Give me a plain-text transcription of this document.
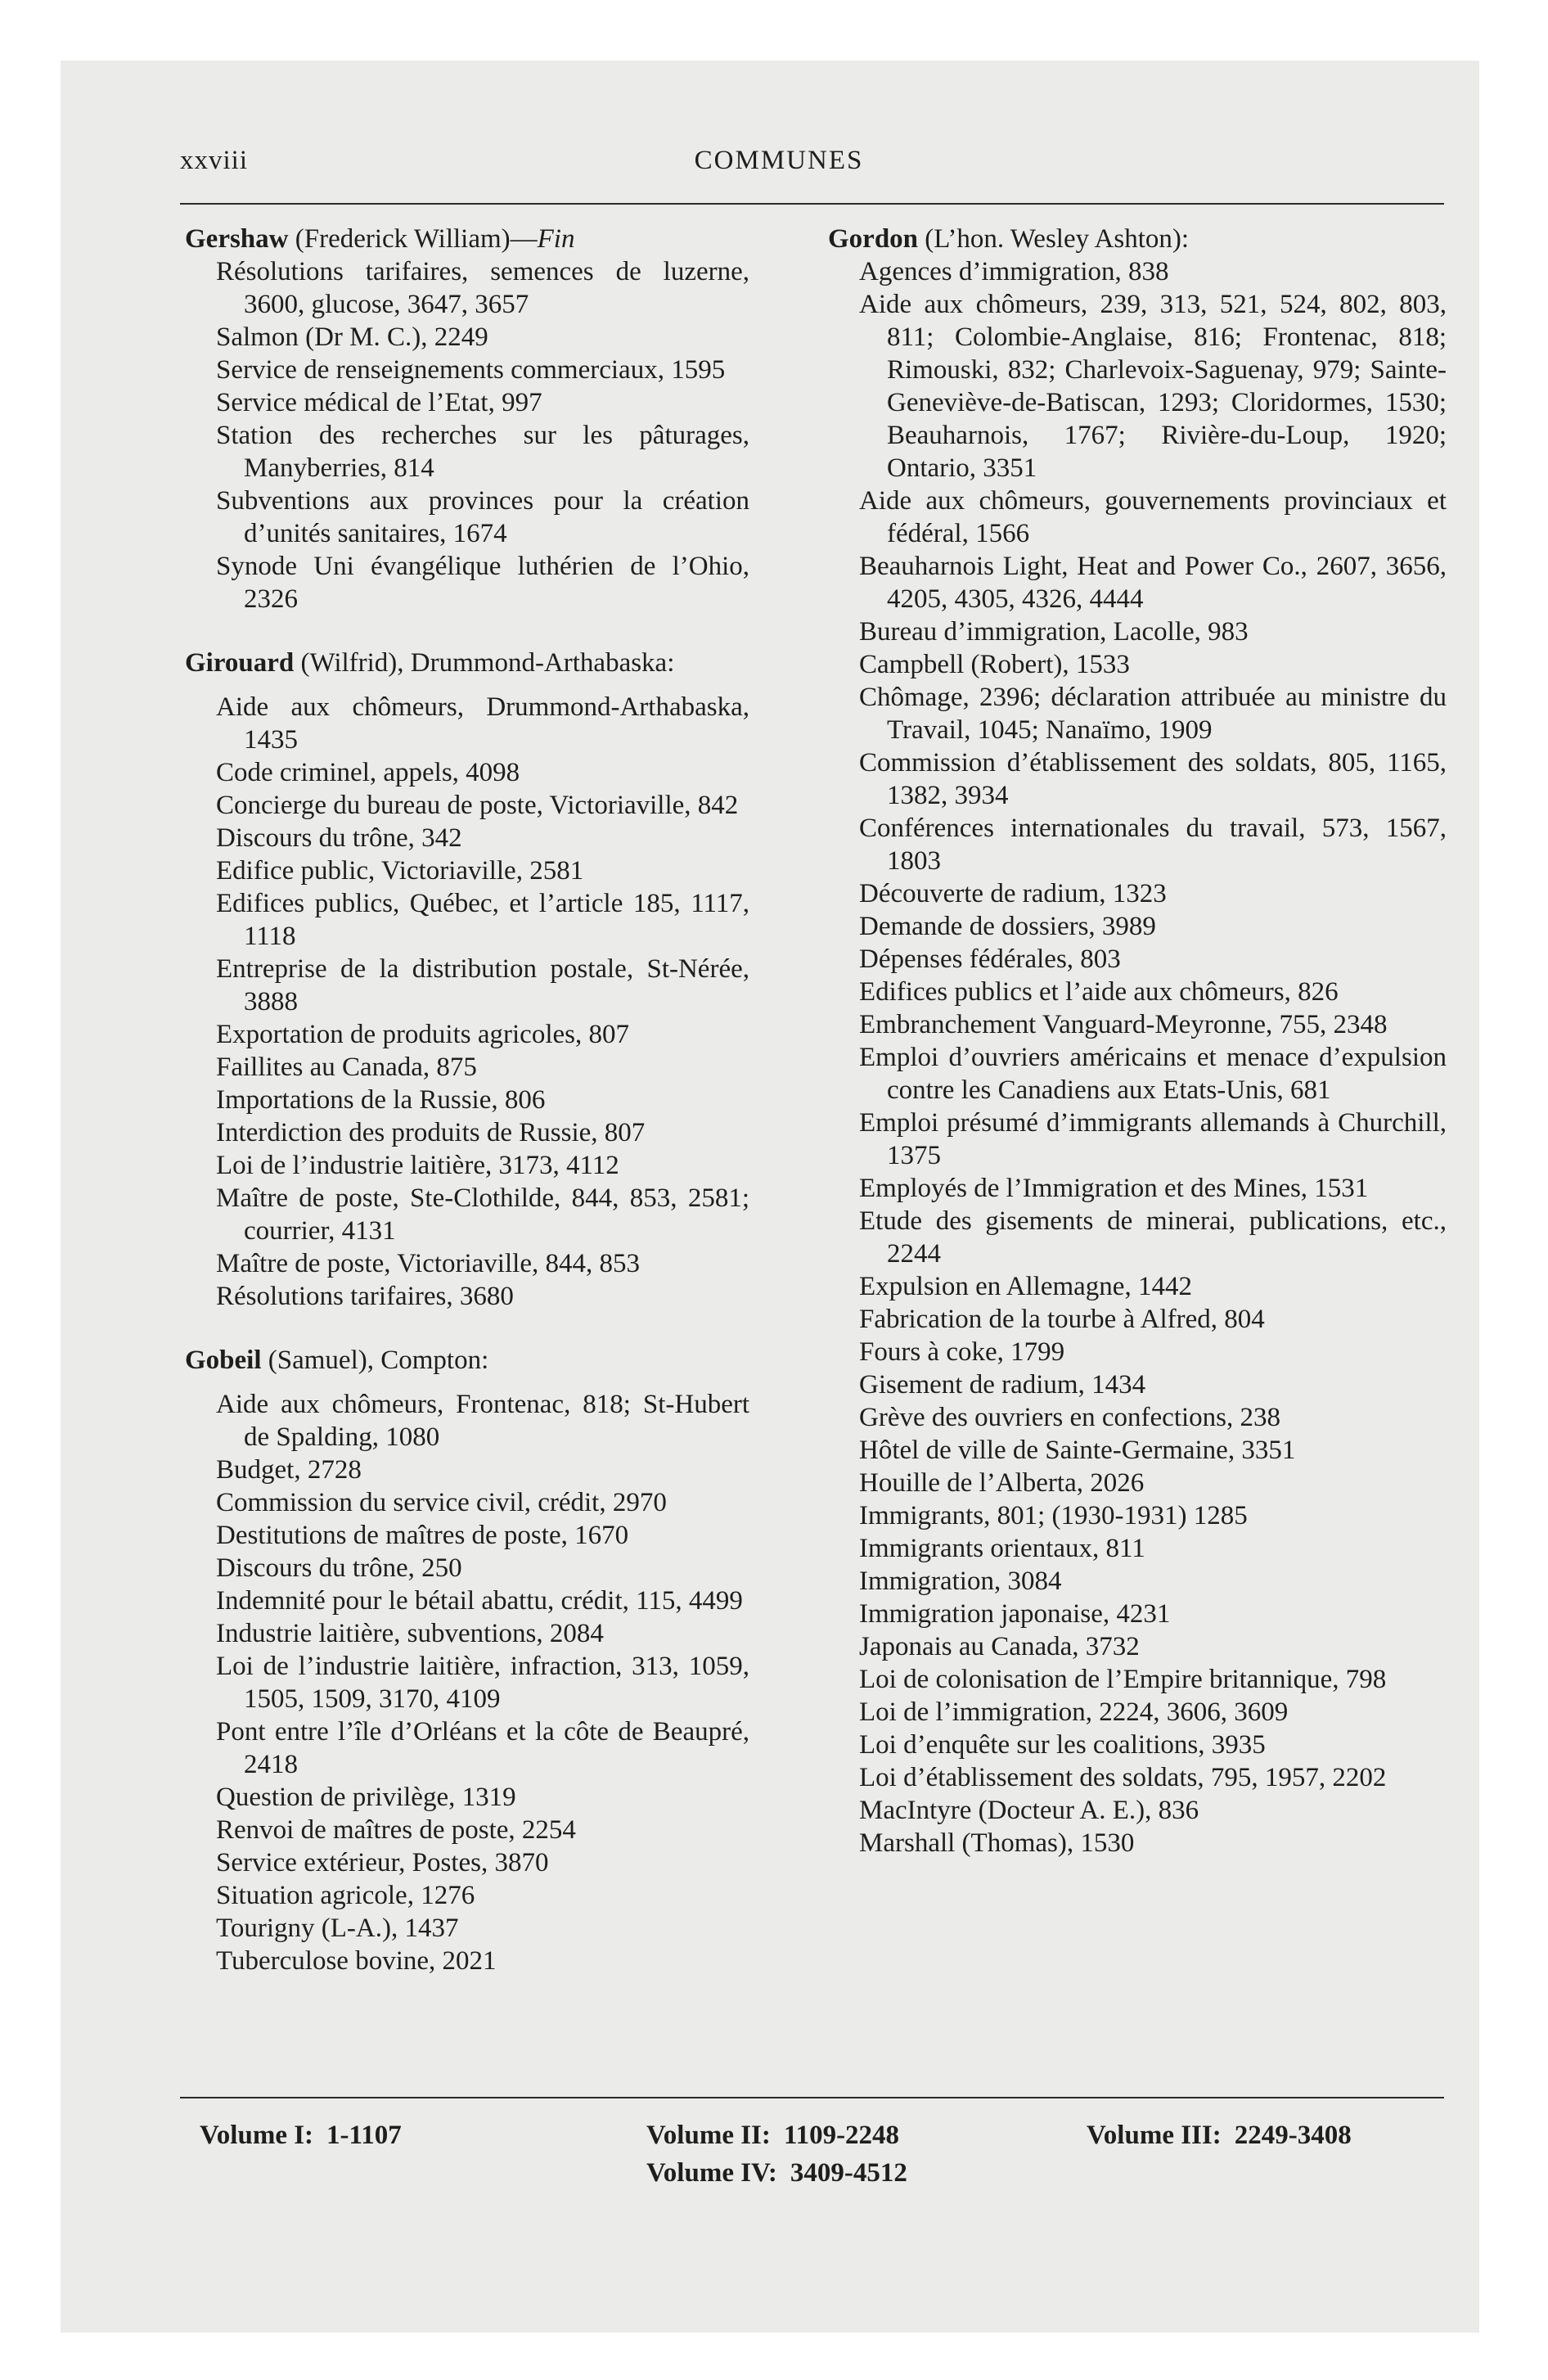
xxviii	COMMUNES
Gershaw (Frederick William)—Fin
Résolutions tarifaires, semences de luzerne, 3600, glucose, 3647, 3657
Salmon (Dr M. C.), 2249
Service de renseignements commerciaux, 1595
Service médical de l’Etat, 997
Station des recherches sur les pâturages, Manyberries, 814
Subventions aux provinces pour la création d’unités sanitaires, 1674
Synode Uni évangélique luthérien de l’Ohio, 2326
Girouard (Wilfrid), Drummond-Arthabaska:
Aide aux chômeurs, Drummond-Arthabaska, 1435
Code criminel, appels, 4098
Concierge du bureau de poste, Victoriaville, 842
Discours du trône, 342
Edifice public, Victoriaville, 2581
Edifices publics, Québec, et l’article 185, 1117, 1118
Entreprise de la distribution postale, St-Nérée, 3888
Exportation de produits agricoles, 807
Faillites au Canada, 875
Importations de la Russie, 806
Interdiction des produits de Russie, 807
Loi de l’industrie laitière, 3173, 4112
Maître de poste, Ste-Clothilde, 844, 853, 2581; courrier, 4131
Maître de poste, Victoriaville, 844, 853
Résolutions tarifaires, 3680
Gobeil (Samuel), Compton:
Aide aux chômeurs, Frontenac, 818; St-Hubert de Spalding, 1080
Budget, 2728
Commission du service civil, crédit, 2970
Destitutions de maîtres de poste, 1670
Discours du trône, 250
Indemnité pour le bétail abattu, crédit, 115, 4499
Industrie laitière, subventions, 2084
Loi de l’industrie laitière, infraction, 313, 1059, 1505, 1509, 3170, 4109
Pont entre l’île d’Orléans et la côte de Beaupré, 2418
Question de privilège, 1319
Renvoi de maîtres de poste, 2254
Service extérieur, Postes, 3870
Situation agricole, 1276
Tourigny (L-A.), 1437
Tuberculose bovine, 2021
Gordon (L’hon. Wesley Ashton):
Agences d’immigration, 838
Aide aux chômeurs, 239, 313, 521, 524, 802, 803, 811; Colombie-Anglaise, 816; Frontenac, 818; Rimouski, 832; Charlevoix-Saguenay, 979; Sainte-Geneviève-de-Batiscan, 1293; Cloridormes, 1530; Beauharnois, 1767; Rivière-du-Loup, 1920; Ontario, 3351
Aide aux chômeurs, gouvernements provinciaux et fédéral, 1566
Beauharnois Light, Heat and Power Co., 2607, 3656, 4205, 4305, 4326, 4444
Bureau d’immigration, Lacolle, 983
Campbell (Robert), 1533
Chômage, 2396; déclaration attribuée au ministre du Travail, 1045; Nanaïmo, 1909
Commission d’établissement des soldats, 805, 1165, 1382, 3934
Conférences internationales du travail, 573, 1567, 1803
Découverte de radium, 1323
Demande de dossiers, 3989
Dépenses fédérales, 803
Edifices publics et l’aide aux chômeurs, 826
Embranchement Vanguard-Meyronne, 755, 2348
Emploi d’ouvriers américains et menace d’expulsion contre les Canadiens aux Etats-Unis, 681
Emploi présumé d’immigrants allemands à Churchill, 1375
Employés de l’Immigration et des Mines, 1531
Etude des gisements de minerai, publications, etc., 2244
Expulsion en Allemagne, 1442
Fabrication de la tourbe à Alfred, 804
Fours à coke, 1799
Gisement de radium, 1434
Grève des ouvriers en confections, 238
Hôtel de ville de Sainte-Germaine, 3351
Houille de l’Alberta, 2026
Immigrants, 801; (1930-1931) 1285
Immigrants orientaux, 811
Immigration, 3084
Immigration japonaise, 4231
Japonais au Canada, 3732
Loi de colonisation de l’Empire britannique, 798
Loi de l’immigration, 2224, 3606, 3609
Loi d’enquête sur les coalitions, 3935
Loi d’établissement des soldats, 795, 1957, 2202
MacIntyre (Docteur A. E.), 836
Marshall (Thomas), 1530
Volume I: 1-1107	Volume II: 1109-2248	Volume III: 2249-3408
Volume IV: 3409-4512
